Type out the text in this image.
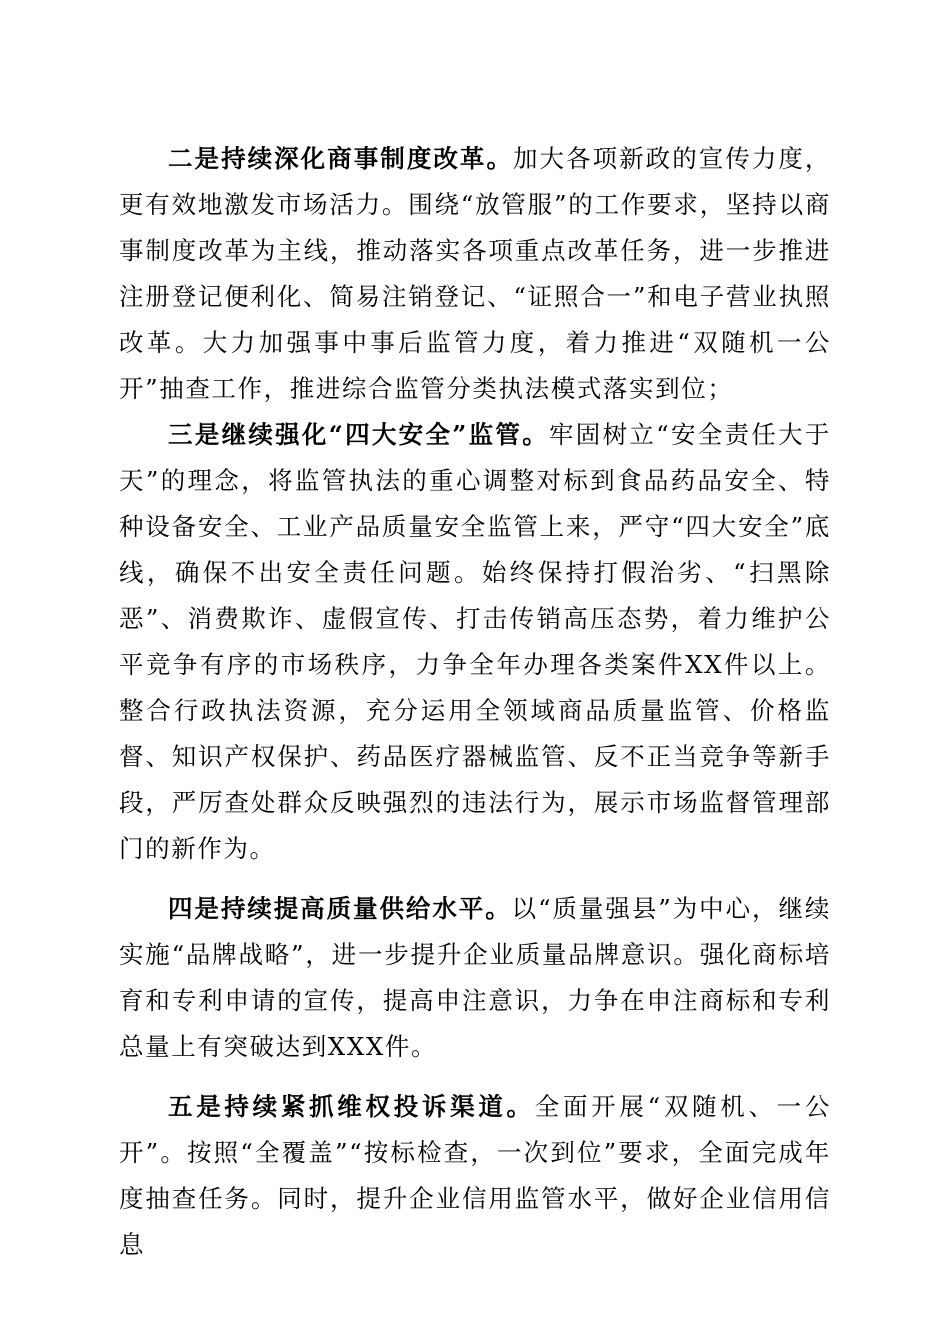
二是持续深化商事制度改革。加大各项新政的宣传力度，更有效地激发市场活力。围绕“放管服”的工作要求，坚持以商事制度改革为主线，推动落实各项重点改革任务，进一步推进注册登记便利化、简易注销登记、“证照合一”和电子营业执照改革。大力加强事中事后监管力度，着力推进“双随机一公开”抽查工作，推进综合监管分类执法模式落实到位；

三是继续强化“四大安全”监管。牢固树立“安全责任大于天”的理念，将监管执法的重心调整对标到食品药品安全、特种设备安全、工业产品质量安全监管上来，严守“四大安全”底线，确保不出安全责任问题。始终保持打假治劣、“扫黑除恶”、消费欺诈、虚假宣传、打击传销高压态势，着力维护公平竞争有序的市场秩序，力争全年办理各类案件XX件以上。整合行政执法资源，充分运用全领域商品质量监管、价格监督、知识产权保护、药品医疗器械监管、反不正当竞争等新手段，严厉查处群众反映强烈的违法行为，展示市场监督管理部门的新作为。

四是持续提高质量供给水平。以“质量强县”为中心，继续实施“品牌战略”，进一步提升企业质量品牌意识。强化商标培育和专利申请的宣传，提高申注意识，力争在申注商标和专利总量上有突破达到XXX件。

五是持续紧抓维权投诉渠道。全面开展“双随机、一公开”。按照“全覆盖”“按标检查，一次到位”要求，全面完成年度抽查任务。同时，提升企业信用监管水平，做好企业信用信息
